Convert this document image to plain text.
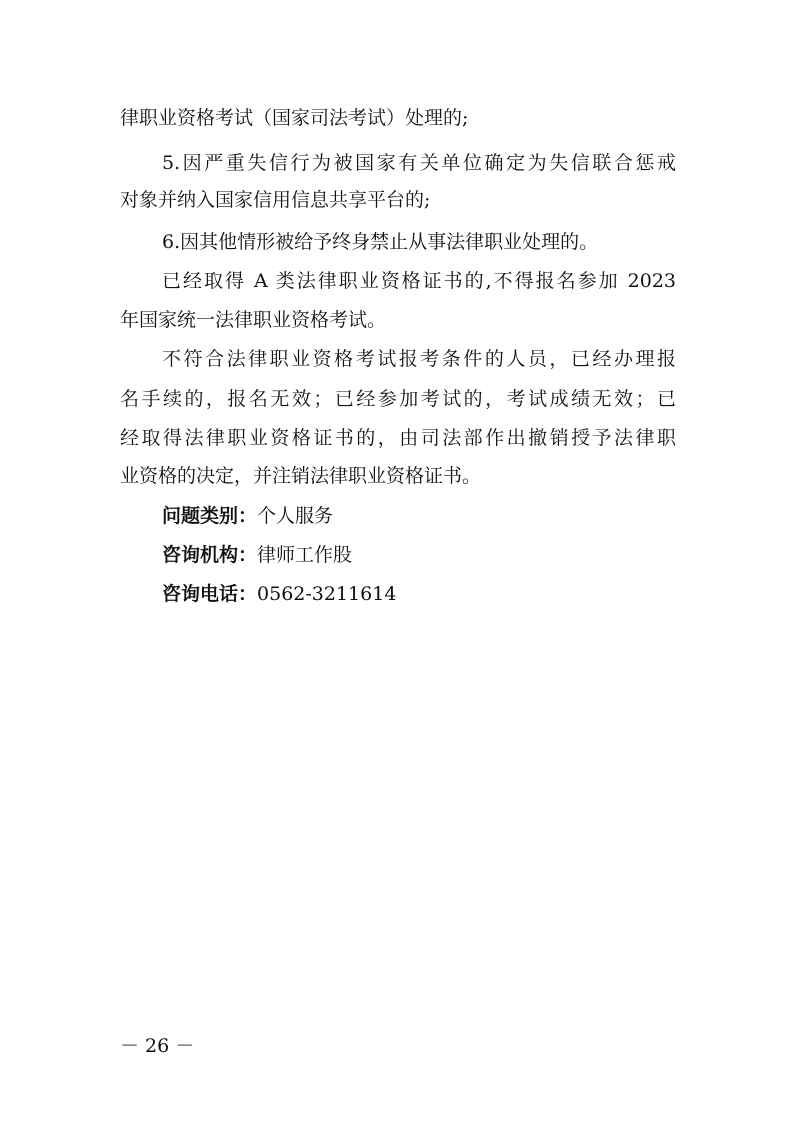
律职业资格考试（国家司法考试）处理的;
5.因严重失信行为被国家有关单位确定为失信联合惩戒
对象并纳入国家信用信息共享平台的;
6.因其他情形被给予终身禁止从事法律职业处理的。
已经取得 A 类法律职业资格证书的,不得报名参加 2023
年国家统一法律职业资格考试。
不符合法律职业资格考试报考条件的人员，已经办理报
名手续的，报名无效；已经参加考试的，考试成绩无效；已
经取得法律职业资格证书的，由司法部作出撤销授予法律职
业资格的决定，并注销法律职业资格证书。
问题类别：个人服务
咨询机构：律师工作股
咨询电话：0562-3211614
－ 26 －
